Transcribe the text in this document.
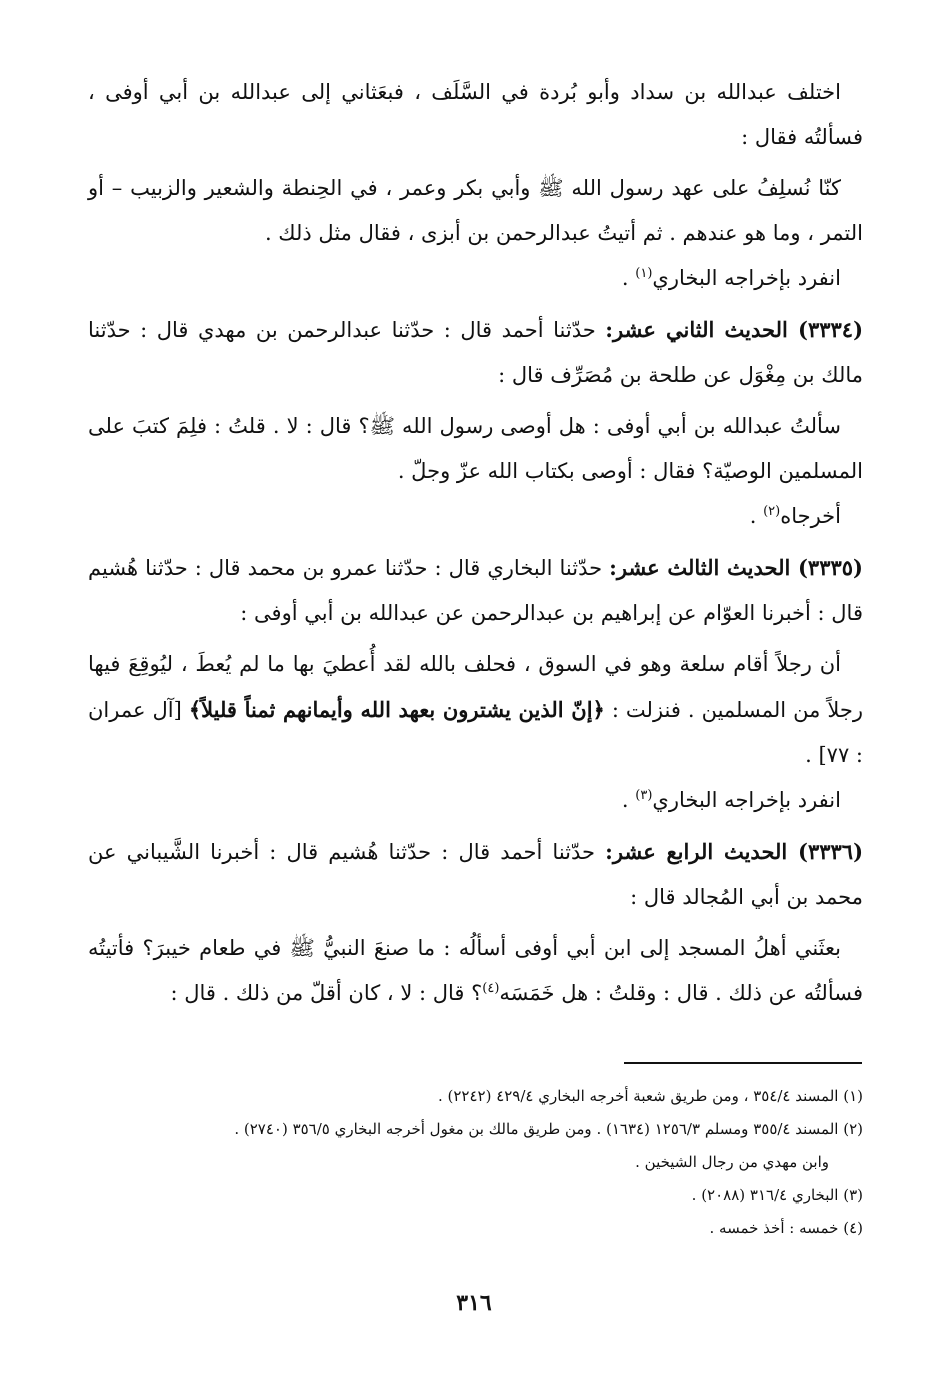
اختلف عبدالله بن سداد وأبو بُردة في السَّلَف ، فبعَثاني إلى عبدالله بن أبي أوفى ، فسألتُه فقال :

كنّا نُسلِفُ على عهد رسول الله ﷺ وأبي بكر وعمر ، في الحِنطة والشعير والزبيب – أو التمر ، وما هو عندهم . ثم أتيتُ عبدالرحمن بن أبزى ، فقال مثل ذلك .

انفرد بإخراجه البخاري$^{(١)}$ .

(٣٣٣٤) الحديث الثاني عشر: حدّثنا أحمد قال : حدّثنا عبدالرحمن بن مهدي قال : حدّثنا مالك بن مِغْوَل عن طلحة بن مُصَرِّف قال :

سألتُ عبدالله بن أبي أوفى : هل أوصى رسول الله ﷺ؟ قال : لا . قلتُ : فلِمَ كتبَ على المسلمين الوصيّة؟ فقال : أوصى بكتاب الله عزّ وجلّ .

أخرجاه$^{(٢)}$ .

(٣٣٣٥) الحديث الثالث عشر: حدّثنا البخاري قال : حدّثنا عمرو بن محمد قال : حدّثنا هُشيم قال : أخبرنا العوّام عن إبراهيم بن عبدالرحمن عن عبدالله بن أبي أوفى :

أن رجلاً أقام سلعة وهو في السوق ، فحلف بالله لقد أُعطيَ بها ما لم يُعطَ ، ليُوقِعَ فيها رجلاً من المسلمين . فنزلت : ﴿إنّ الذين يشترون بعهد الله وأيمانهم ثمناً قليلاً﴾ [آل عمران : ٧٧] .

انفرد بإخراجه البخاري$^{(٣)}$ .

(٣٣٣٦) الحديث الرابع عشر: حدّثنا أحمد قال : حدّثنا هُشيم قال : أخبرنا الشَّيباني عن محمد بن أبي المُجالد قال :

بعثَني أهلُ المسجد إلى ابن أبي أوفى أسألُه : ما صنعَ النبيُّ ﷺ في طعام خيبرَ؟ فأتيتُه فسألتُه عن ذلك . قال : وقلتُ : هل خَمَسَه$^{(٤)}$؟ قال : لا ، كان أقلّ من ذلك . قال :

(١) المسند ٣٥٤/٤ ، ومن طريق شعبة أخرجه البخاري ٤٢٩/٤ (٢٢٤٢) .

(٢) المسند ٣٥٥/٤ ومسلم ١٢٥٦/٣ (١٦٣٤) . ومن طريق مالك بن مغول أخرجه البخاري ٣٥٦/٥ (٢٧٤٠) .

وابن مهدي من رجال الشيخين .

(٣) البخاري ٣١٦/٤ (٢٠٨٨) .

(٤) خمسه : أخذ خمسه .

٣١٦
